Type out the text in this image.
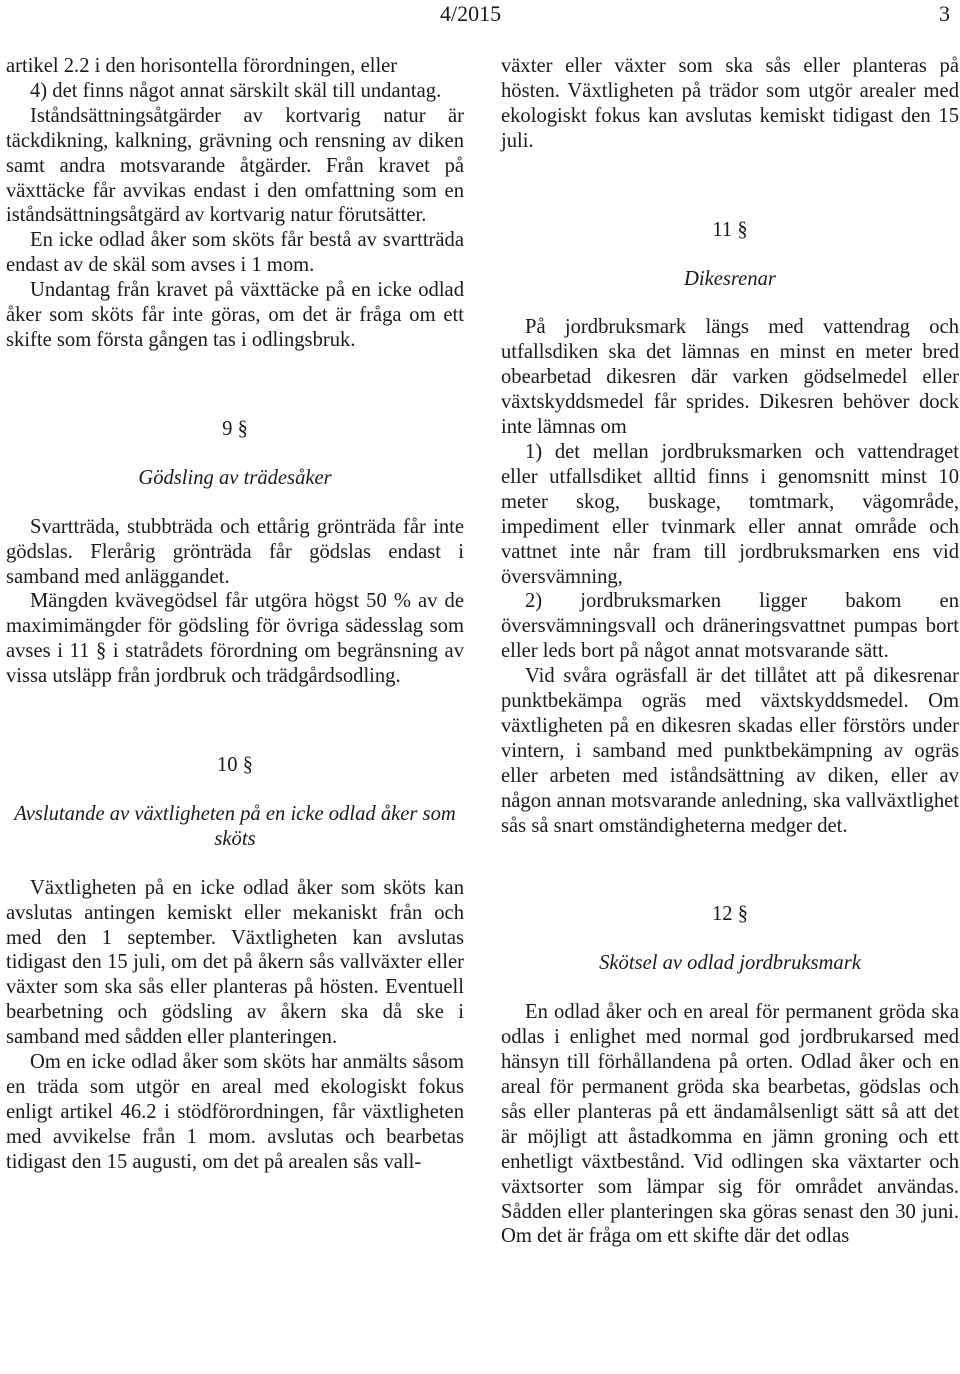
4/2015	3

artikel 2.2 i den horisontella förordningen, eller

4) det finns något annat särskilt skäl till undantag.

Iståndsättningsåtgärder av kortvarig natur är täckdikning, kalkning, grävning och rensning av diken samt andra motsvarande åtgärder. Från kravet på växttäcke får avvikas endast i den omfattning som en iståndsättningsåtgärd av kortvarig natur förutsätter.

En icke odlad åker som sköts får bestå av svartträda endast av de skäl som avses i 1 mom.

Undantag från kravet på växttäcke på en icke odlad åker som sköts får inte göras, om det är fråga om ett skifte som första gången tas i odlingsbruk.

9 §

Gödsling av trädesåker

Svartträda, stubbträda och ettårig grönträda får inte gödslas. Flerårig grönträda får gödslas endast i samband med anläggandet.

Mängden kvävegödsel får utgöra högst 50 % av de maximimängder för gödsling för övriga sädesslag som avses i 11 § i statrådets förordning om begränsning av vissa utsläpp från jordbruk och trädgårdsodling.

10 §

Avslutande av växtligheten på en icke odlad åker som sköts

Växtligheten på en icke odlad åker som sköts kan avslutas antingen kemiskt eller mekaniskt från och med den 1 september. Växtligheten kan avslutas tidigast den 15 juli, om det på åkern sås vallväxter eller växter som ska sås eller planteras på hösten. Eventuell bearbetning och gödsling av åkern ska då ske i samband med sådden eller planteringen.

Om en icke odlad åker som sköts har anmälts såsom en träda som utgör en areal med ekologiskt fokus enligt artikel 46.2 i stödförordningen, får växtligheten med avvikelse från 1 mom. avslutas och bearbetas tidigast den 15 augusti, om det på arealen sås vall-

växter eller växter som ska sås eller planteras på hösten. Växtligheten på trädor som utgör arealer med ekologiskt fokus kan avslutas kemiskt tidigast den 15 juli.

11 §

Dikesrenar

På jordbruksmark längs med vattendrag och utfallsdiken ska det lämnas en minst en meter bred obearbetad dikesren där varken gödselmedel eller växtskyddsmedel får sprides. Dikesren behöver dock inte lämnas om

1) det mellan jordbruksmarken och vattendraget eller utfallsdiket alltid finns i genomsnitt minst 10 meter skog, buskage, tomtmark, vägområde, impediment eller tvinmark eller annat område och vattnet inte når fram till jordbruksmarken ens vid översvämning,

2) jordbruksmarken ligger bakom en översvämningsvall och dräneringsvattnet pumpas bort eller leds bort på något annat motsvarande sätt.

Vid svåra ogräsfall är det tillåtet att på dikesrenar punktbekämpa ogräs med växtskyddsmedel. Om växtligheten på en dikesren skadas eller förstörs under vintern, i samband med punktbekämpning av ogräs eller arbeten med iståndsättning av diken, eller av någon annan motsvarande anledning, ska vallväxtlighet sås så snart omständigheterna medger det.

12 §

Skötsel av odlad jordbruksmark

En odlad åker och en areal för permanent gröda ska odlas i enlighet med normal god jordbrukarsed med hänsyn till förhållandena på orten. Odlad åker och en areal för permanent gröda ska bearbetas, gödslas och sås eller planteras på ett ändamålsenligt sätt så att det är möjligt att åstadkomma en jämn groning och ett enhetligt växtbestånd. Vid odlingen ska växtarter och växtsorter som lämpar sig för området användas. Sådden eller planteringen ska göras senast den 30 juni. Om det är fråga om ett skifte där det odlas
